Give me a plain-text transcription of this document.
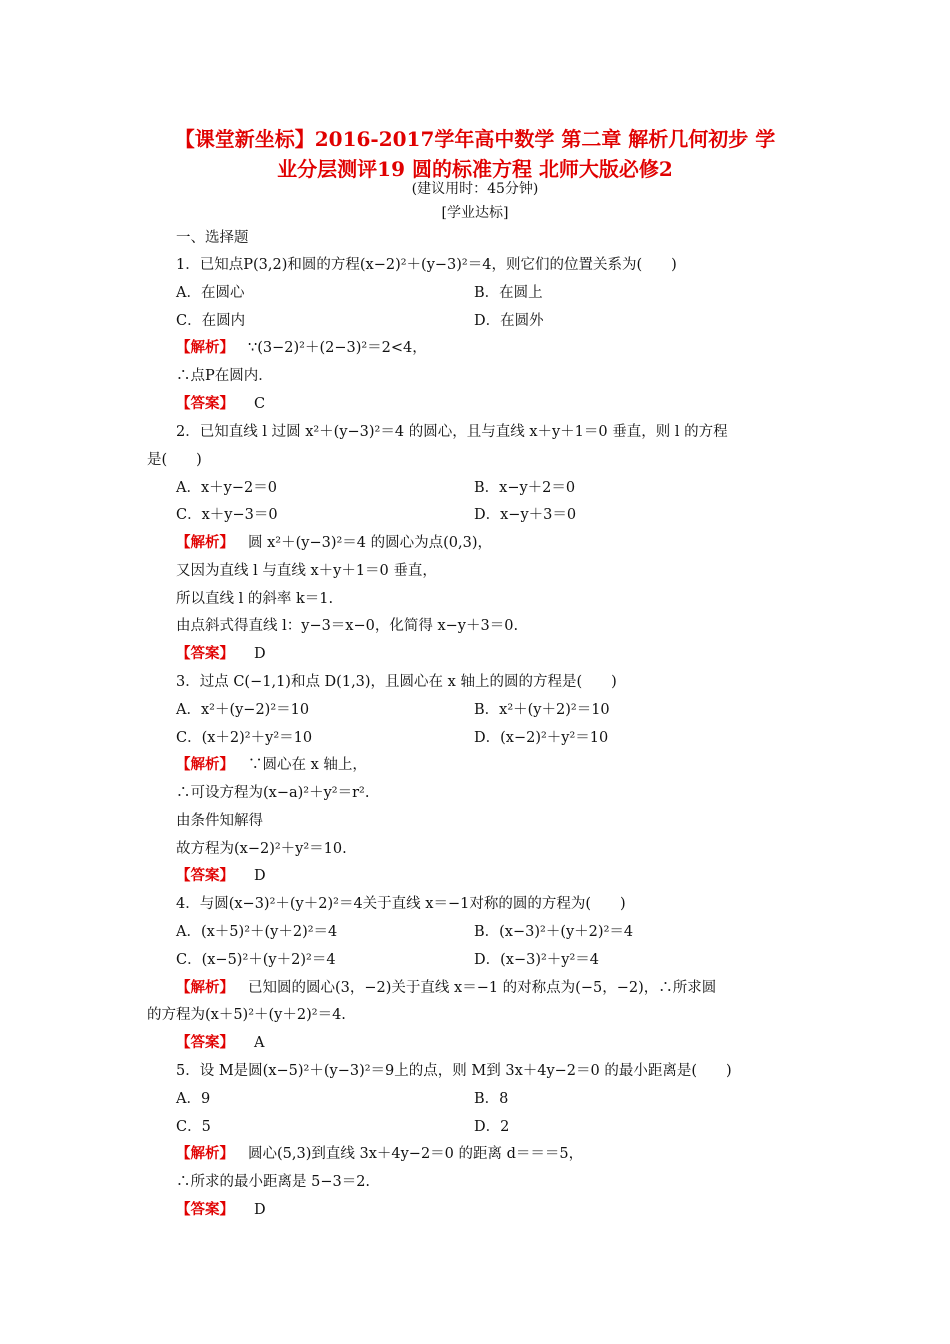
【课堂新坐标】2016-2017学年高中数学 第二章 解析几何初步 学
业分层测评19 圆的标准方程 北师大版必修2
(建议用时：45分钟)
[学业达标]
一、选择题
1．已知点P(3,2)和圆的方程(x−2)²＋(y−3)²＝4，则它们的位置关系为(　　)
A．在圆心	B．在圆上
C．在圆内	D．在圆外
【解析】 ∵(3−2)²＋(2−3)²＝2<4，
∴点P在圆内．
【答案】 C
2．已知直线 l 过圆 x²＋(y−3)²＝4 的圆心，且与直线 x＋y＋1＝0 垂直，则 l 的方程
是(　　)
A．x＋y−2＝0	B．x−y＋2＝0
C．x＋y−3＝0	D．x−y＋3＝0
【解析】 圆 x²＋(y−3)²＝4 的圆心为点(0,3)，
又因为直线 l 与直线 x＋y＋1＝0 垂直，
所以直线 l 的斜率 k＝1.
由点斜式得直线 l：y−3＝x−0，化简得 x−y＋3＝0.
【答案】 D
3．过点 C(−1,1)和点 D(1,3)，且圆心在 x 轴上的圆的方程是(　　)
A．x²＋(y−2)²＝10	B．x²＋(y＋2)²＝10
C．(x＋2)²＋y²＝10	D．(x−2)²＋y²＝10
【解析】 ∵圆心在 x 轴上，
∴可设方程为(x−a)²＋y²＝r².
由条件知解得
故方程为(x−2)²＋y²＝10.
【答案】 D
4．与圆(x−3)²＋(y＋2)²＝4关于直线 x＝−1对称的圆的方程为(　　)
A．(x＋5)²＋(y＋2)²＝4	B．(x−3)²＋(y＋2)²＝4
C．(x−5)²＋(y＋2)²＝4	D．(x−3)²＋y²＝4
【解析】 已知圆的圆心(3，−2)关于直线 x＝−1 的对称点为(−5，−2)，∴所求圆
的方程为(x＋5)²＋(y＋2)²＝4.
【答案】 A
5．设 M是圆(x−5)²＋(y−3)²＝9上的点，则 M到 3x＋4y−2＝0 的最小距离是(　　)
A．9	B．8
C．5	D．2
【解析】 圆心(5,3)到直线 3x＋4y−2＝0 的距离 d＝＝＝5，
∴所求的最小距离是 5−3＝2.
【答案】 D
